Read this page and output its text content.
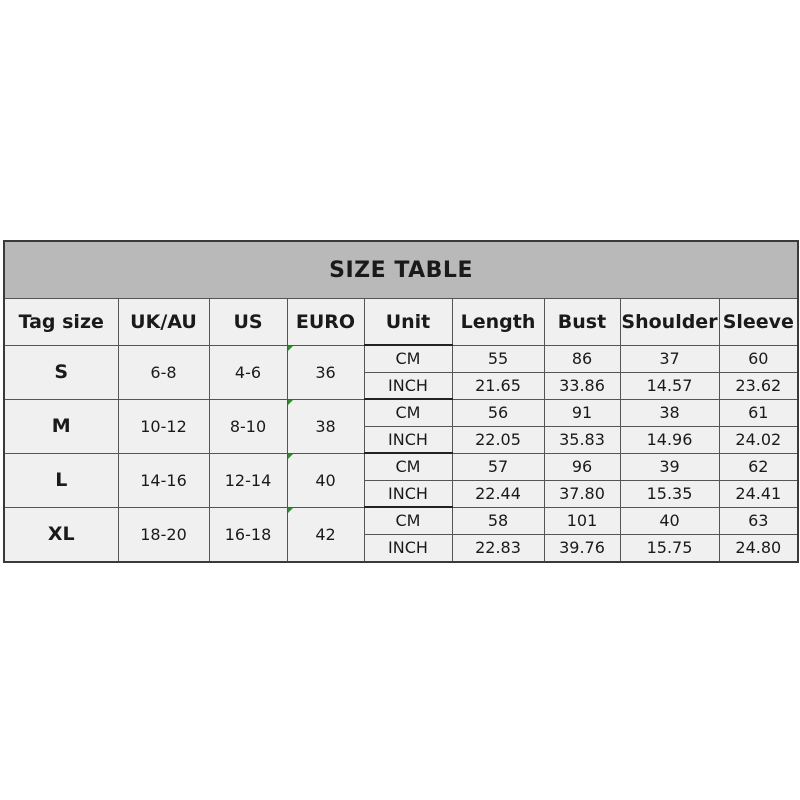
SIZE TABLE								
Tag size	UK/AU	US	EURO	Unit	Length	Bust	Shoulder	Sleeve
S	6-8	4-6	36	CM	55	86	37	60
				INCH	21.65	33.86	14.57	23.62
M	10-12	8-10	38	CM	56	91	38	61
				INCH	22.05	35.83	14.96	24.02
L	14-16	12-14	40	CM	57	96	39	62
				INCH	22.44	37.80	15.35	24.41
XL	18-20	16-18	42	CM	58	101	40	63
				INCH	22.83	39.76	15.75	24.80
